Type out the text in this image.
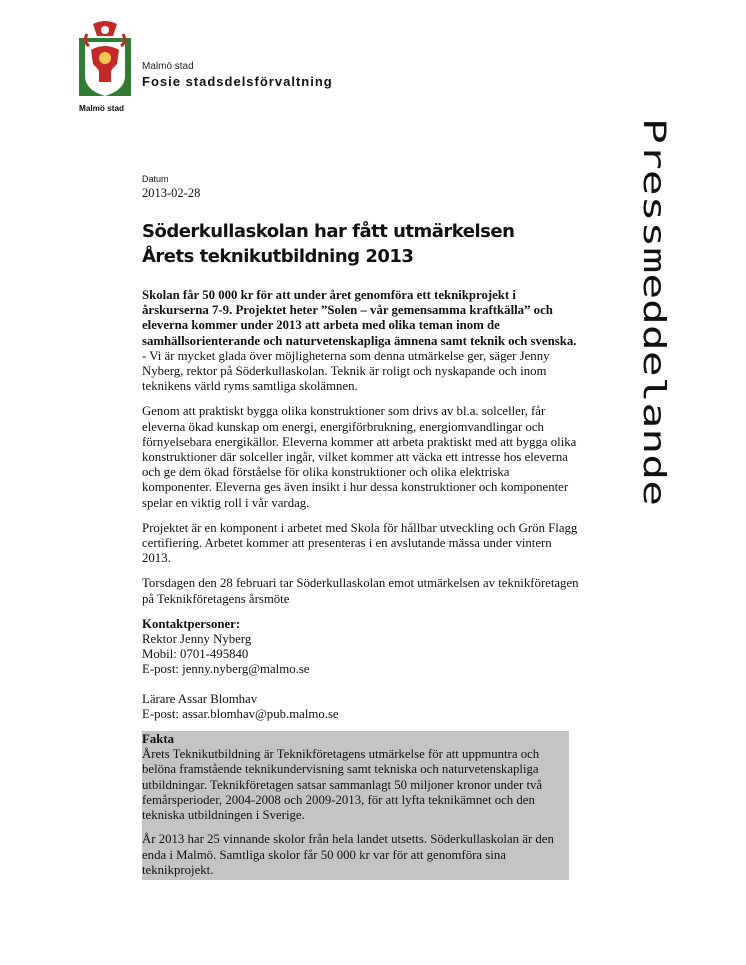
Malmö stad
Malmö stad
Fosie stadsdelsförvaltning
Pressmeddelande
Datum
2013-02-28
Söderkullaskolan har fått utmärkelsen
Årets teknikutbildning 2013

Skolan får 50 000 kr för att under året genomföra ett teknikprojekt i årskurserna 7-9. Projektet heter ”Solen – vår gemensamma kraftkälla” och eleverna kommer under 2013 att arbeta med olika teman inom de samhällsorienterande och naturvetenskapliga ämnena samt teknik och svenska.

- Vi är mycket glada över möjligheterna som denna utmärkelse ger, säger Jenny Nyberg, rektor på Söderkullaskolan. Teknik är roligt och nyskapande och inom teknikens värld ryms samtliga skolämnen.

Genom att praktiskt bygga olika konstruktioner som drivs av bl.a. solceller, får eleverna ökad kunskap om energi, energiförbrukning, energiomvandlingar och förnyelsebara energikällor. Eleverna kommer att arbeta praktiskt med att bygga olika konstruktioner där solceller ingår, vilket kommer att väcka ett intresse hos eleverna och ge dem ökad förståelse för olika konstruktioner och olika elektriska komponenter. Eleverna ges även insikt i hur dessa konstruktioner och komponenter spelar en viktig roll i vår vardag.

Projektet är en komponent i arbetet med Skola för hållbar utveckling och Grön Flagg certifiering. Arbetet kommer att presenteras i en avslutande mässa under vintern 2013.

Torsdagen den 28 februari tar Söderkullaskolan emot utmärkelsen av teknikföretagen på Teknikföretagens årsmöte

Kontaktpersoner:

Rektor Jenny Nyberg

Mobil: 0701-495840

E-post: jenny.nyberg@malmo.se

Lärare Assar Blomhav

E-post: assar.blomhav@pub.malmo.se

Fakta

Årets Teknikutbildning är Teknikföretagens utmärkelse för att uppmuntra och belöna framstående teknikundervisning samt tekniska och naturvetenskapliga utbildningar. Teknikföretagen satsar sammanlagt 50 miljoner kronor under två femårsperioder, 2004-2008 och 2009-2013, för att lyfta teknikämnet och den tekniska utbildningen i Sverige.

År 2013 har 25 vinnande skolor från hela landet utsetts. Söderkullaskolan är den enda i Malmö. Samtliga skolor får 50 000 kr var för att genomföra sina teknikprojekt.
